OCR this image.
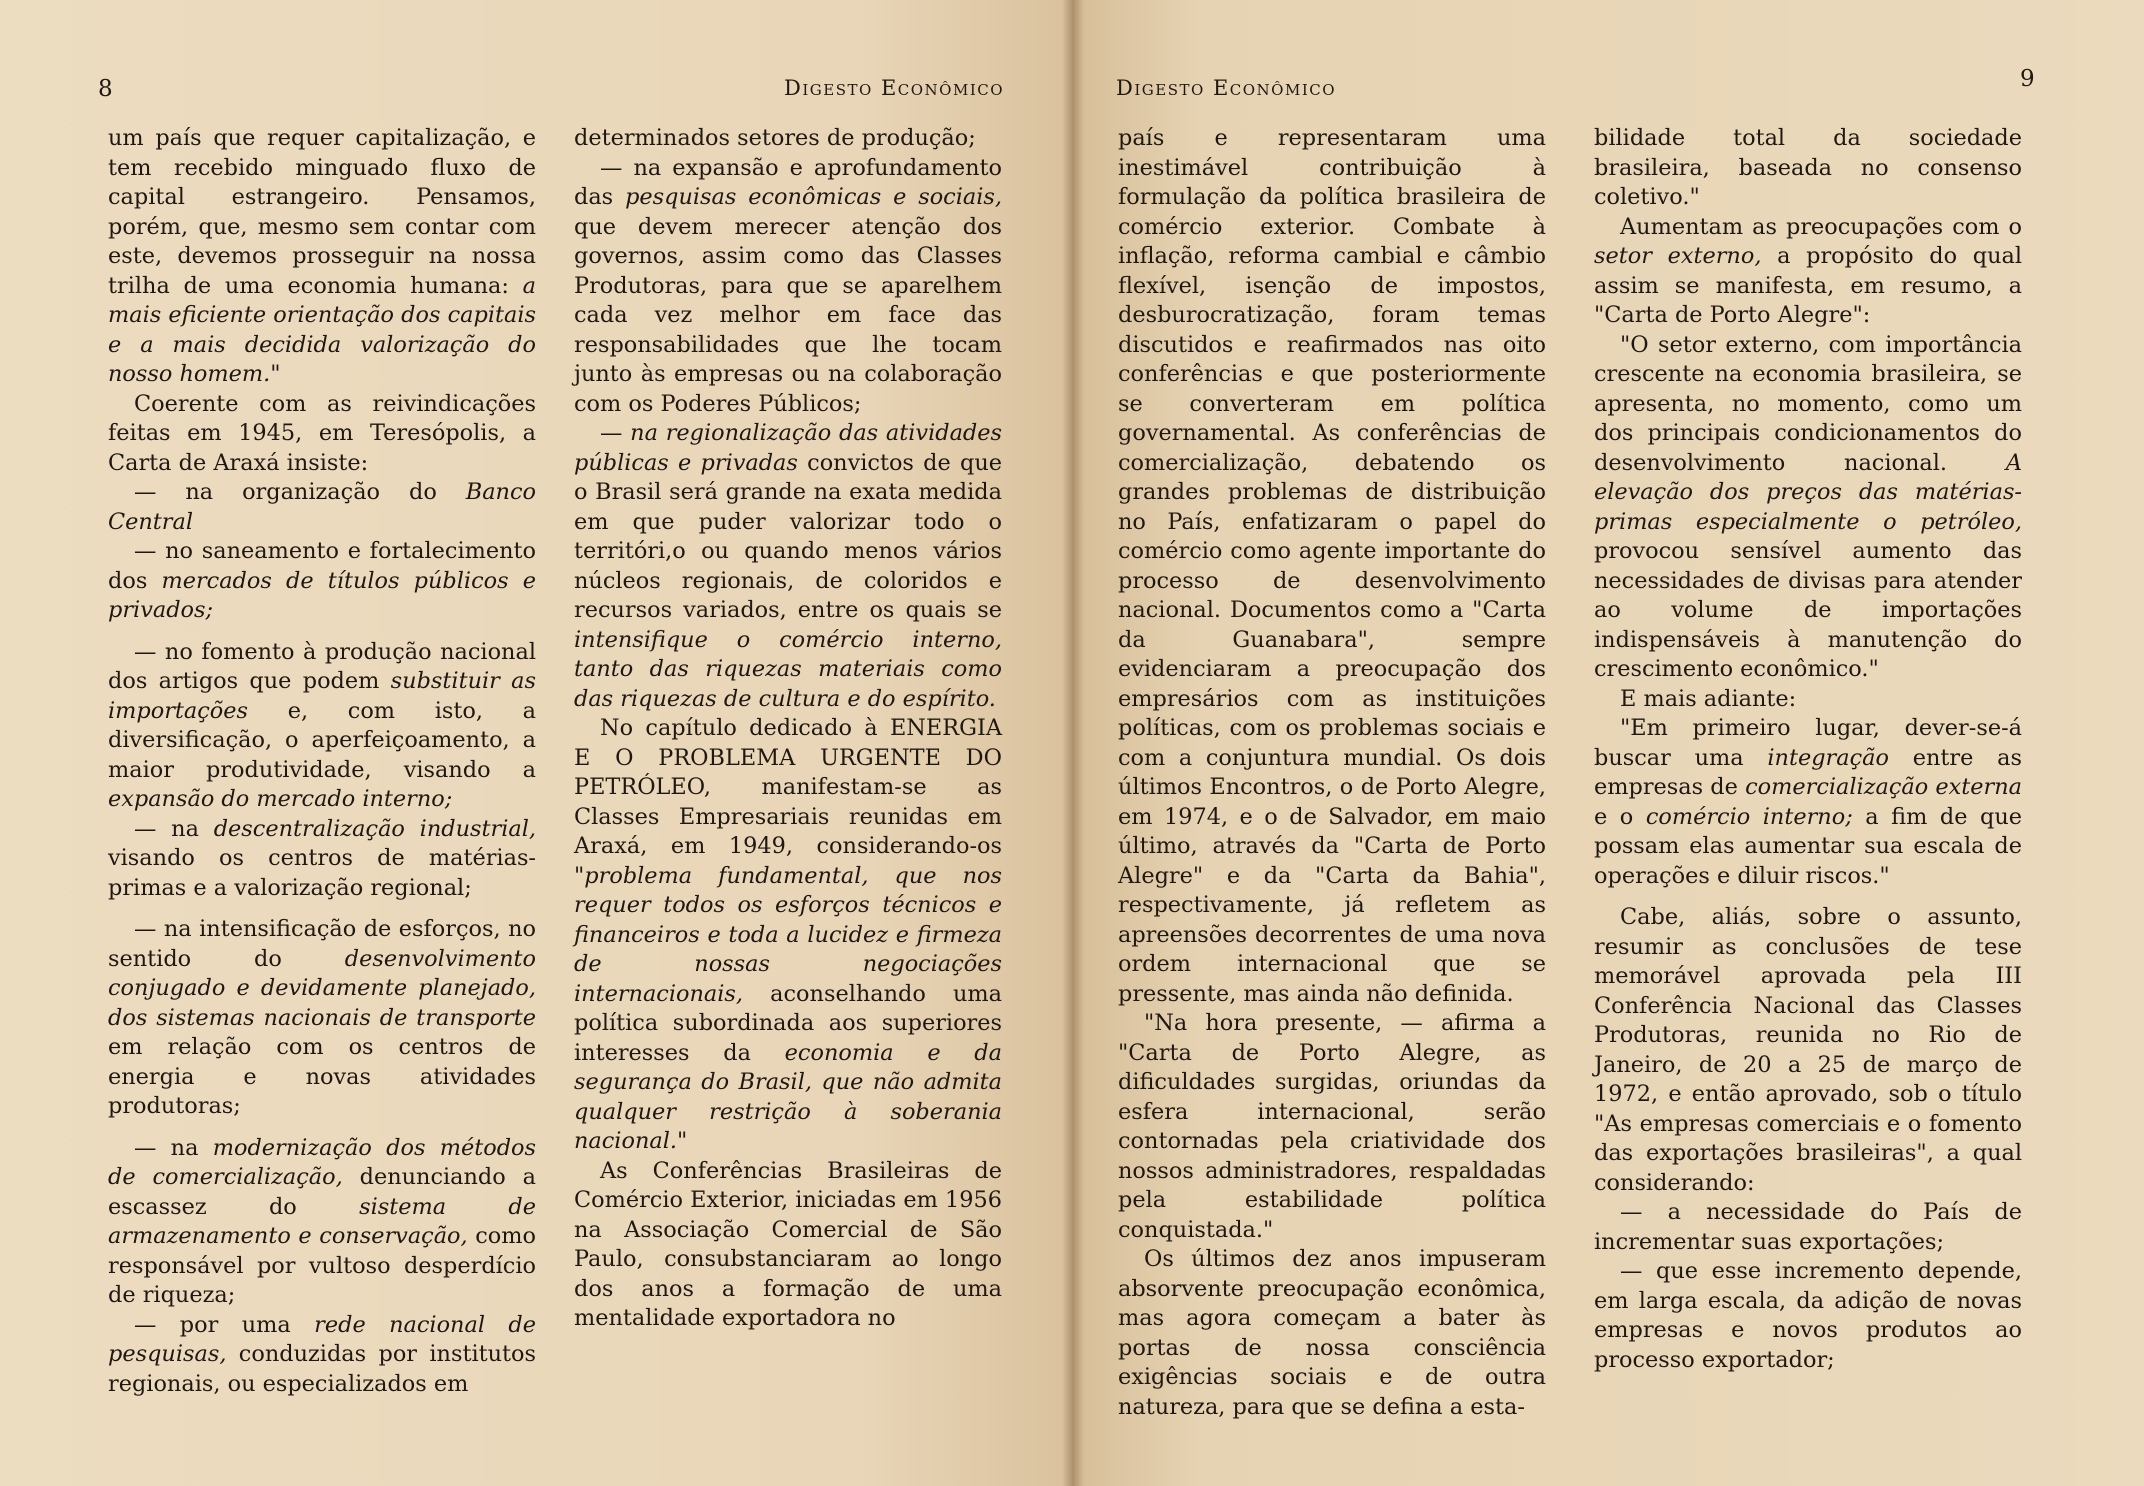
8	Digesto Econômico

um país que requer capitalização, e tem recebido minguado fluxo de capital estrangeiro. Pensamos, porém, que, mesmo sem contar com este, devemos prosseguir na nossa trilha de uma economia humana: a mais eficiente orientação dos capitais e a mais decidida valorização do nosso homem."

Coerente com as reivindicações feitas em 1945, em Teresópolis, a Carta de Araxá insiste:

— na organização do Banco Central

— no saneamento e fortalecimento dos mercados de títulos públicos e privados;

— no fomento à produção nacional dos artigos que podem substituir as importações e, com isto, a diversificação, o aperfeiçoamento, a maior produtividade, visando a expansão do mercado interno;

— na descentralização industrial, visando os centros de matérias-primas e a valorização regional;

— na intensificação de esforços, no sentido do desenvolvimento conjugado e devidamente planejado, dos sistemas nacionais de transporte em relação com os centros de energia e novas atividades produtoras;

— na modernização dos métodos de comercialização, denunciando a escassez do sistema de armazenamento e conservação, como responsável por vultoso desperdício de riqueza;

— por uma rede nacional de pesquisas, conduzidas por institutos regionais, ou especializados em

determinados setores de produção;

— na expansão e aprofundamento das pesquisas econômicas e sociais, que devem merecer atenção dos governos, assim como das Classes Produtoras, para que se aparelhem cada vez melhor em face das responsabilidades que lhe tocam junto às empresas ou na colaboração com os Poderes Públicos;

— na regionalização das atividades públicas e privadas convictos de que o Brasil será grande na exata medida em que puder valorizar todo o territóri,o ou quando menos vários núcleos regionais, de coloridos e recursos variados, entre os quais se intensifique o comércio interno, tanto das riquezas materiais como das riquezas de cultura e do espírito.

No capítulo dedicado à ENERGIA E O PROBLEMA URGENTE DO PETRÓLEO, manifestam-se as Classes Empresariais reunidas em Araxá, em 1949, considerando-os "problema fundamental, que nos requer todos os esforços técnicos e financeiros e toda a lucidez e firmeza de nossas negociações internacionais, aconselhando uma política subordinada aos superiores interesses da economia e da segurança do Brasil, que não admita qualquer restrição à soberania nacional."

As Conferências Brasileiras de Comércio Exterior, iniciadas em 1956 na Associação Comercial de São Paulo, consubstanciaram ao longo dos anos a formação de uma mentalidade exportadora no

Digesto Econômico	9

país e representaram uma inestimável contribuição à formulação da política brasileira de comércio exterior. Combate à inflação, reforma cambial e câmbio flexível, isenção de impostos, desburocratização, foram temas discutidos e reafirmados nas oito conferências e que posteriormente se converteram em política governamental. As conferências de comercialização, debatendo os grandes problemas de distribuição no País, enfatizaram o papel do comércio como agente importante do processo de desenvolvimento nacional. Documentos como a "Carta da Guanabara", sempre evidenciaram a preocupação dos empresários com as instituições políticas, com os problemas sociais e com a conjuntura mundial. Os dois últimos Encontros, o de Porto Alegre, em 1974, e o de Salvador, em maio último, através da "Carta de Porto Alegre" e da "Carta da Bahia", respectivamente, já refletem as apreensões decorrentes de uma nova ordem internacional que se pressente, mas ainda não definida.

"Na hora presente, — afirma a "Carta de Porto Alegre, as dificuldades surgidas, oriundas da esfera internacional, serão contornadas pela criatividade dos nossos administradores, respaldadas pela estabilidade política conquistada."

Os últimos dez anos impuseram absorvente preocupação econômica, mas agora começam a bater às portas de nossa consciência exigências sociais e de outra natureza, para que se defina a esta-

bilidade total da sociedade brasileira, baseada no consenso coletivo."

Aumentam as preocupações com o setor externo, a propósito do qual assim se manifesta, em resumo, a "Carta de Porto Alegre":

"O setor externo, com importância crescente na economia brasileira, se apresenta, no momento, como um dos principais condicionamentos do desenvolvimento nacional. A elevação dos preços das matérias-primas especialmente o petróleo, provocou sensível aumento das necessidades de divisas para atender ao volume de importações indispensáveis à manutenção do crescimento econômico."

E mais adiante:

"Em primeiro lugar, dever-se-á buscar uma integração entre as empresas de comercialização externa e o comércio interno; a fim de que possam elas aumentar sua escala de operações e diluir riscos."

Cabe, aliás, sobre o assunto, resumir as conclusões de tese memorável aprovada pela III Conferência Nacional das Classes Produtoras, reunida no Rio de Janeiro, de 20 a 25 de março de 1972, e então aprovado, sob o título "As empresas comerciais e o fomento das exportações brasileiras", a qual considerando:

— a necessidade do País de incrementar suas exportações;

— que esse incremento depende, em larga escala, da adição de novas empresas e novos produtos ao processo exportador;
